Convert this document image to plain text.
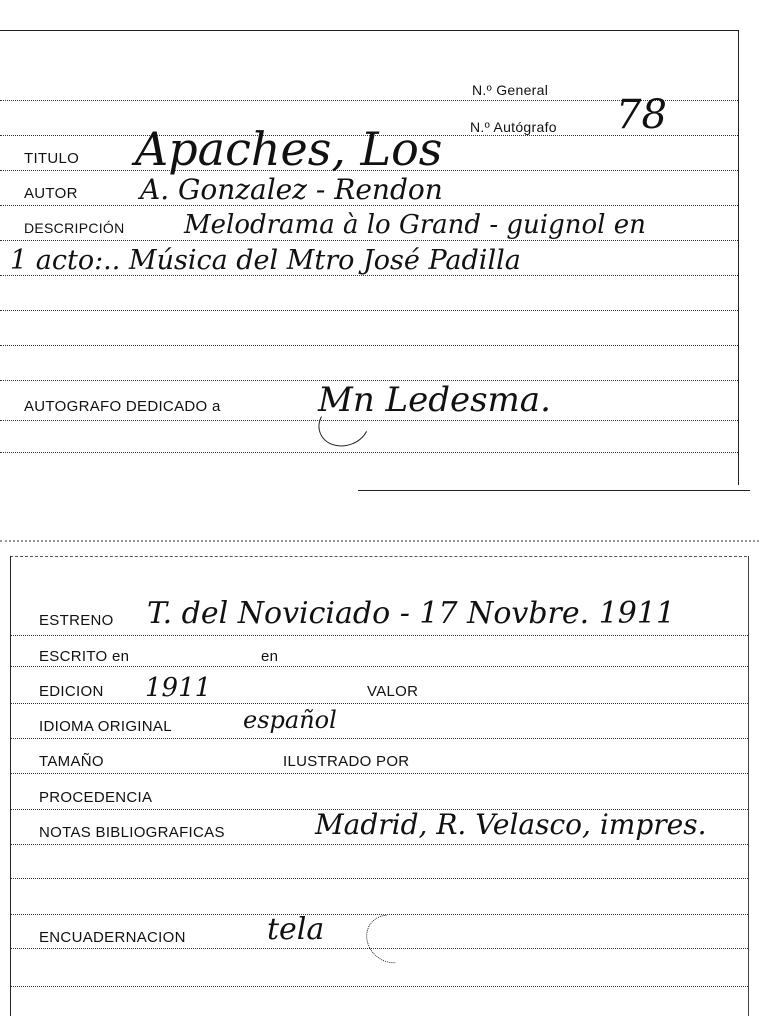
N.º General
N.º Autógrafo 78
TITULO Apaches, Los
AUTOR A. Gonzalez - Rendon
DESCRIPCIÓN Melodrama à lo Grand - guignol en
1 acto:.. Música del Mtro José Padilla
AUTOGRAFO DEDICADO a	Mn Ledesma.
ESTRENO T. del Noviciado - 17 Novbre. 1911
ESCRITO en	en
EDICION 1911	VALOR
IDIOMA ORIGINAL	español
TAMAÑO	ILUSTRADO POR
PROCEDENCIA
NOTAS BIBLIOGRAFICAS	Madrid, R. Velasco, impres.
ENCUADERNACION	tela
